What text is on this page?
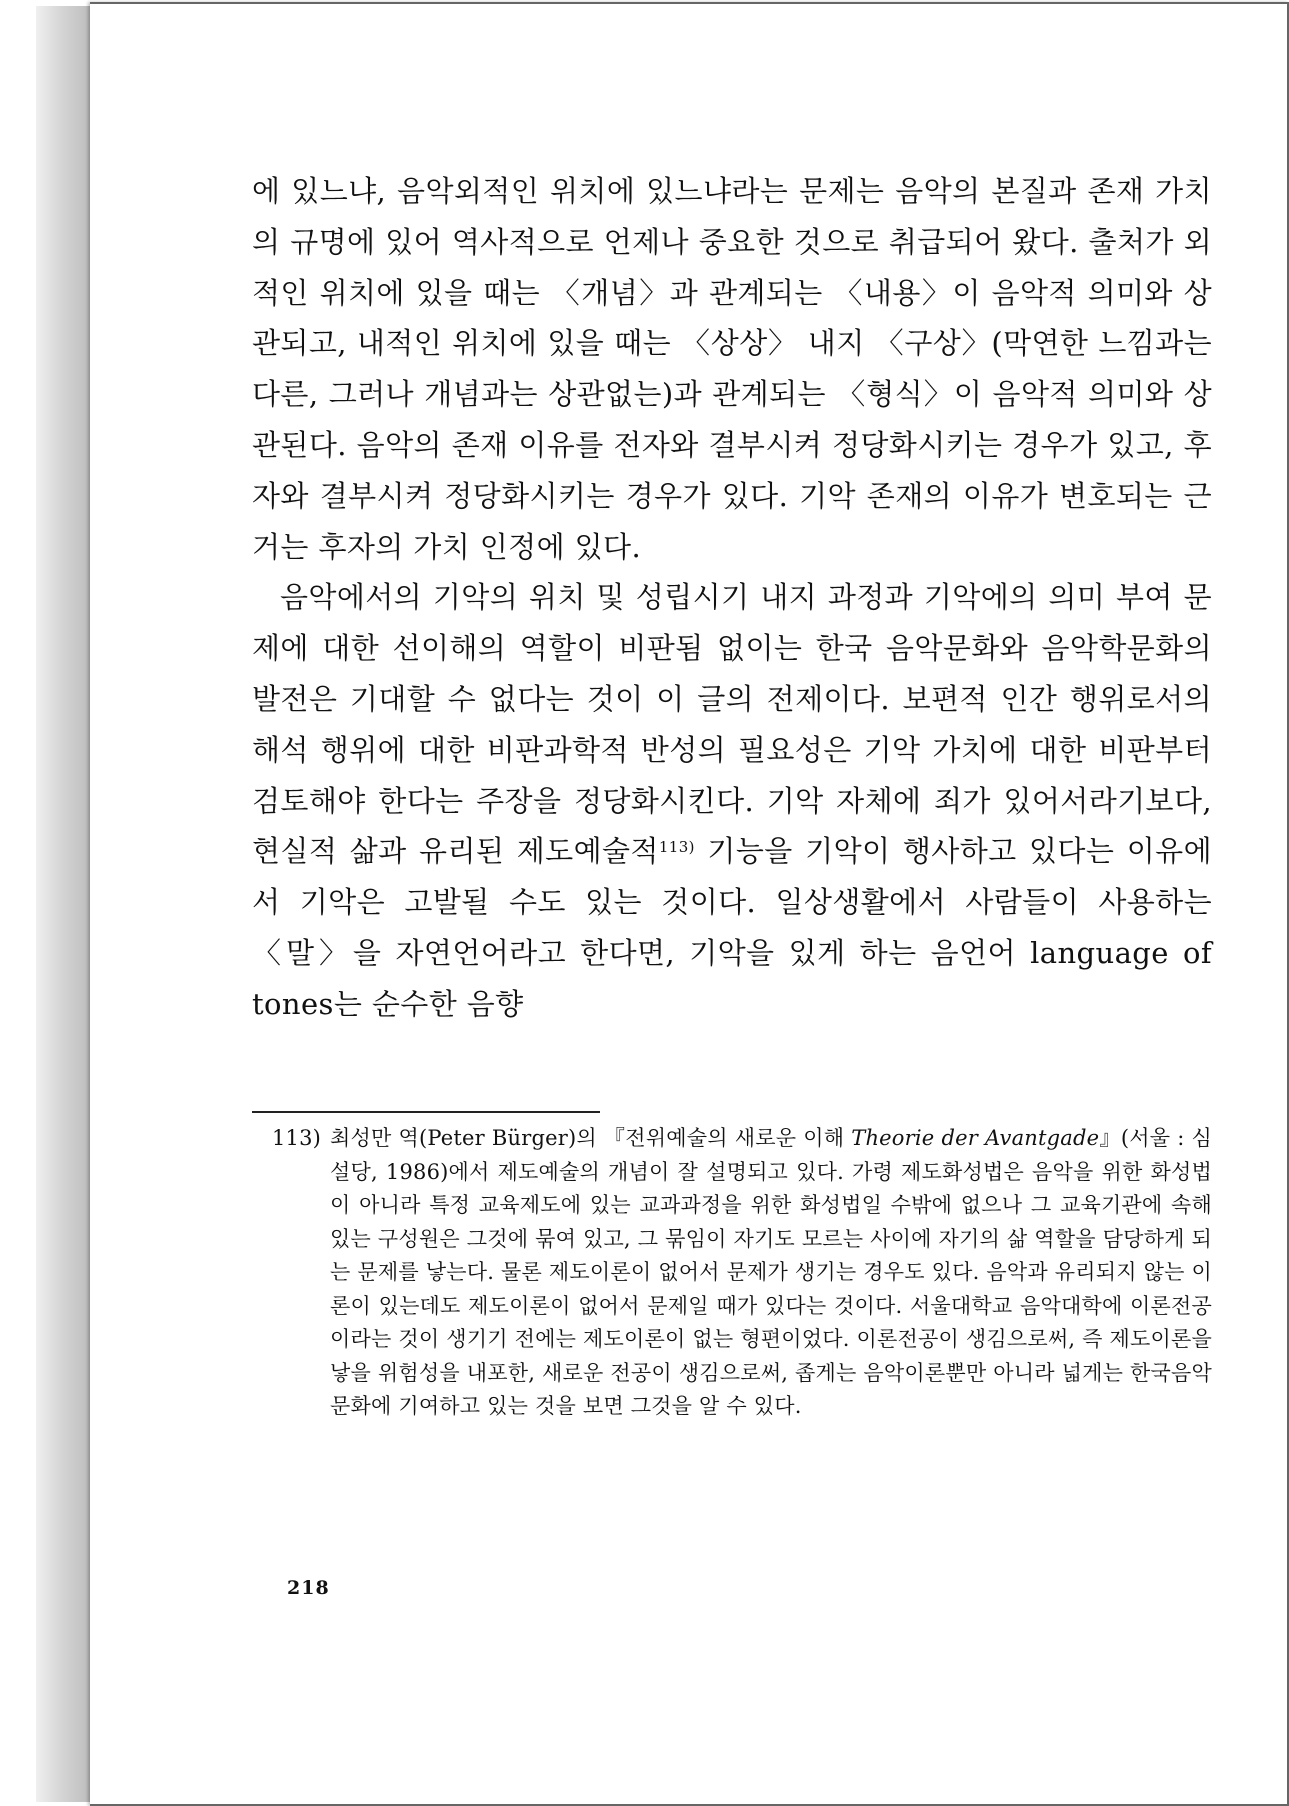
에 있느냐, 음악외적인 위치에 있느냐라는 문제는 음악의 본질과 존재 가치의 규명에 있어 역사적으로 언제나 중요한 것으로 취급되어 왔다. 출처가 외적인 위치에 있을 때는 〈개념〉과 관계되는 〈내용〉이 음악적 의미와 상관되고, 내적인 위치에 있을 때는 〈상상〉 내지 〈구상〉(막연한 느낌과는 다른, 그러나 개념과는 상관없는)과 관계되는 〈형식〉이 음악적 의미와 상관된다. 음악의 존재 이유를 전자와 결부시켜 정당화시키는 경우가 있고, 후자와 결부시켜 정당화시키는 경우가 있다. 기악 존재의 이유가 변호되는 근거는 후자의 가치 인정에 있다.

음악에서의 기악의 위치 및 성립시기 내지 과정과 기악에의 의미 부여 문제에 대한 선이해의 역할이 비판됨 없이는 한국 음악문화와 음악학문화의 발전은 기대할 수 없다는 것이 이 글의 전제이다. 보편적 인간 행위로서의 해석 행위에 대한 비판과학적 반성의 필요성은 기악 가치에 대한 비판부터 검토해야 한다는 주장을 정당화시킨다. 기악 자체에 죄가 있어서라기보다, 현실적 삶과 유리된 제도예술적$^{113)}$ 기능을 기악이 행사하고 있다는 이유에서 기악은 고발될 수도 있는 것이다. 일상생활에서 사람들이 사용하는 〈말〉을 자연언어라고 한다면, 기악을 있게 하는 음언어 language of tones는 순수한 음향

113) 최성만 역(Peter Bürger)의 『전위예술의 새로운 이해 Theorie der Avantgade』(서울 : 심설당, 1986)에서 제도예술의 개념이 잘 설명되고 있다. 가령 제도화성법은 음악을 위한 화성법이 아니라 특정 교육제도에 있는 교과과정을 위한 화성법일 수밖에 없으나 그 교육기관에 속해 있는 구성원은 그것에 묶여 있고, 그 묶임이 자기도 모르는 사이에 자기의 삶 역할을 담당하게 되는 문제를 낳는다. 물론 제도이론이 없어서 문제가 생기는 경우도 있다. 음악과 유리되지 않는 이론이 있는데도 제도이론이 없어서 문제일 때가 있다는 것이다. 서울대학교 음악대학에 이론전공이라는 것이 생기기 전에는 제도이론이 없는 형편이었다. 이론전공이 생김으로써, 즉 제도이론을 낳을 위험성을 내포한, 새로운 전공이 생김으로써, 좁게는 음악이론뿐만 아니라 넓게는 한국음악문화에 기여하고 있는 것을 보면 그것을 알 수 있다.
218
